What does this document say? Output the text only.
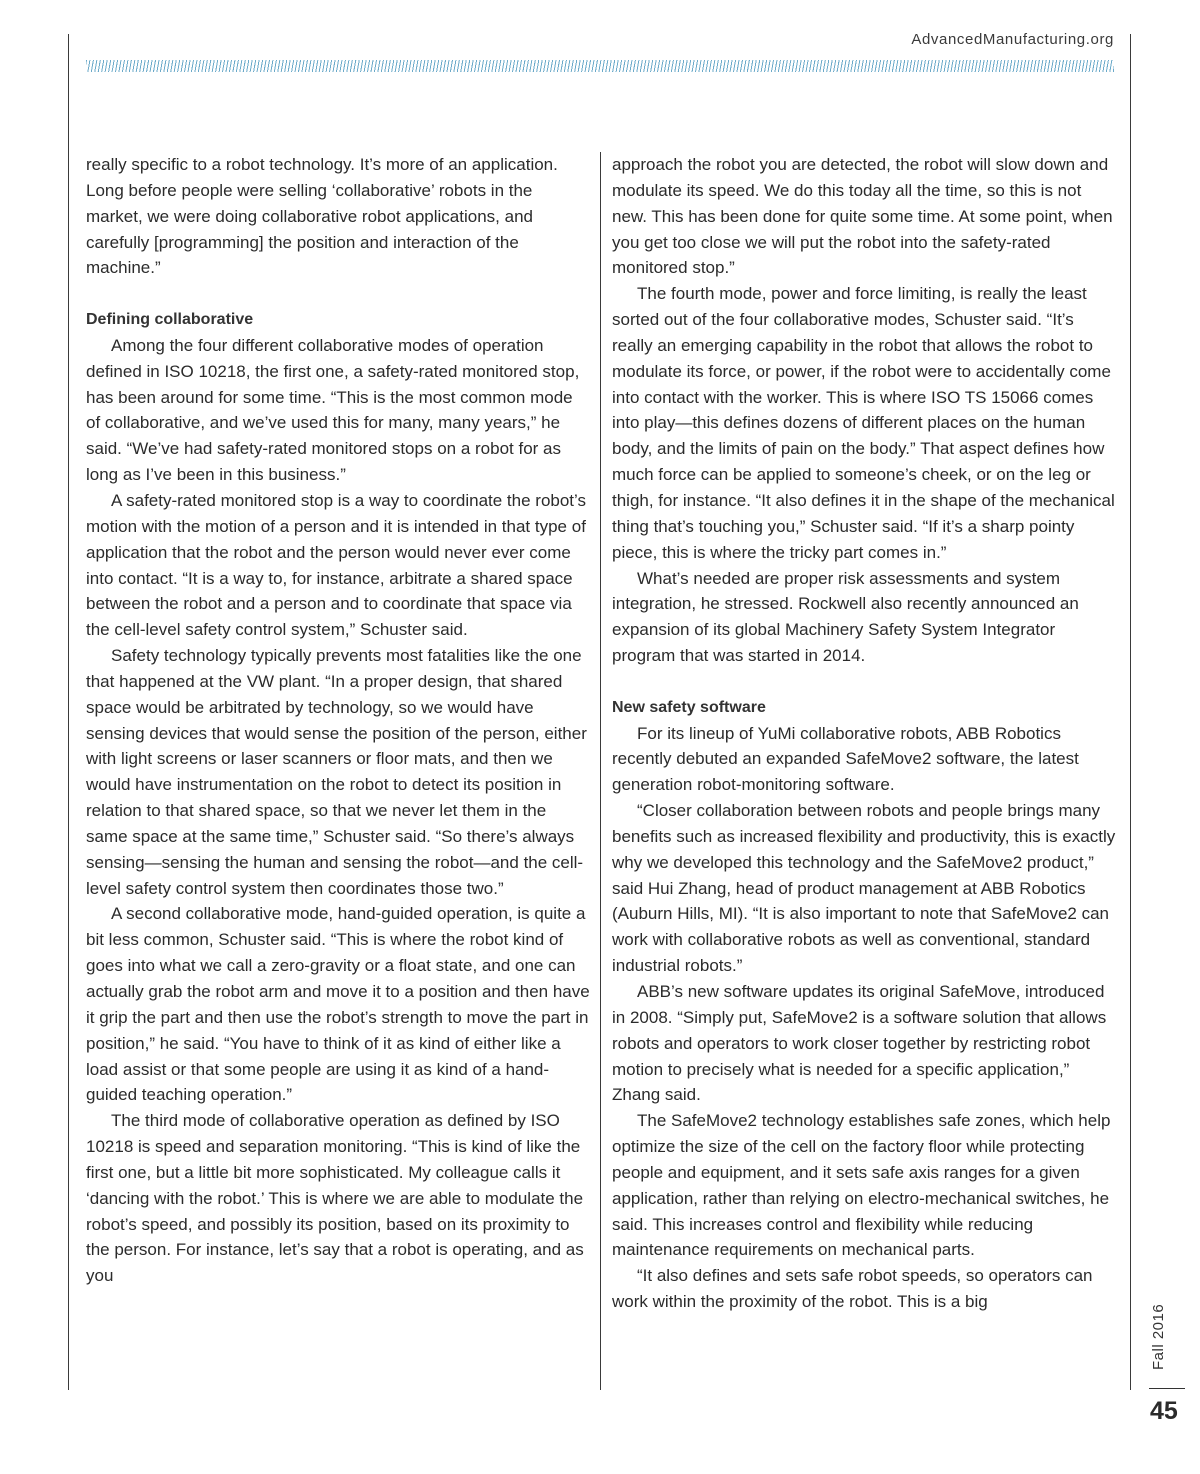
AdvancedManufacturing.org

really specific to a robot technology. It’s more of an application. Long before people were selling ‘collaborative’ robots in the market, we were doing collaborative robot applications, and carefully [programming] the position and interaction of the machine.”

Defining collaborative

Among the four different collaborative modes of operation defined in ISO 10218, the first one, a safety-rated monitored stop, has been around for some time. “This is the most common mode of collaborative, and we’ve used this for many, many years,” he said. “We’ve had safety-rated monitored stops on a robot for as long as I’ve been in this business.”

A safety-rated monitored stop is a way to coordinate the robot’s motion with the motion of a person and it is intended in that type of application that the robot and the person would never ever come into contact. “It is a way to, for instance, arbitrate a shared space between the robot and a person and to coordinate that space via the cell-level safety control system,” Schuster said.

Safety technology typically prevents most fatalities like the one that happened at the VW plant. “In a proper design, that shared space would be arbitrated by technology, so we would have sensing devices that would sense the position of the person, either with light screens or laser scanners or floor mats, and then we would have instrumentation on the robot to detect its position in relation to that shared space, so that we never let them in the same space at the same time,” Schuster said. “So there’s always sensing—sensing the human and sensing the robot—and the cell-level safety control system then coordinates those two.”

A second collaborative mode, hand-guided operation, is quite a bit less common, Schuster said. “This is where the robot kind of goes into what we call a zero-gravity or a float state, and one can actually grab the robot arm and move it to a position and then have it grip the part and then use the robot’s strength to move the part in position,” he said. “You have to think of it as kind of either like a load assist or that some people are using it as kind of a hand-guided teaching operation.”

The third mode of collaborative operation as defined by ISO 10218 is speed and separation monitoring. “This is kind of like the first one, but a little bit more sophisticated. My colleague calls it ‘dancing with the robot.’ This is where we are able to modulate the robot’s speed, and possibly its position, based on its proximity to the person. For instance, let’s say that a robot is operating, and as you

approach the robot you are detected, the robot will slow down and modulate its speed. We do this today all the time, so this is not new. This has been done for quite some time. At some point, when you get too close we will put the robot into the safety-rated monitored stop.”

The fourth mode, power and force limiting, is really the least sorted out of the four collaborative modes, Schuster said. “It’s really an emerging capability in the robot that allows the robot to modulate its force, or power, if the robot were to accidentally come into contact with the worker. This is where ISO TS 15066 comes into play—this defines dozens of different places on the human body, and the limits of pain on the body.” That aspect defines how much force can be applied to someone’s cheek, or on the leg or thigh, for instance. “It also defines it in the shape of the mechanical thing that’s touching you,” Schuster said. “If it’s a sharp pointy piece, this is where the tricky part comes in.”

What’s needed are proper risk assessments and system integration, he stressed. Rockwell also recently announced an expansion of its global Machinery Safety System Integrator program that was started in 2014.

New safety software

For its lineup of YuMi collaborative robots, ABB Robotics recently debuted an expanded SafeMove2 software, the latest generation robot-monitoring software.

“Closer collaboration between robots and people brings many benefits such as increased flexibility and productivity, this is exactly why we developed this technology and the SafeMove2 product,” said Hui Zhang, head of product management at ABB Robotics (Auburn Hills, MI). “It is also important to note that SafeMove2 can work with collaborative robots as well as conventional, standard industrial robots.”

ABB’s new software updates its original SafeMove, introduced in 2008. “Simply put, SafeMove2 is a software solution that allows robots and operators to work closer together by restricting robot motion to precisely what is needed for a specific application,” Zhang said.

The SafeMove2 technology establishes safe zones, which help optimize the size of the cell on the factory floor while protecting people and equipment, and it sets safe axis ranges for a given application, rather than relying on electro-mechanical switches, he said. This increases control and flexibility while reducing maintenance requirements on mechanical parts.

“It also defines and sets safe robot speeds, so operators can work within the proximity of the robot. This is a big

Fall 2016
45
